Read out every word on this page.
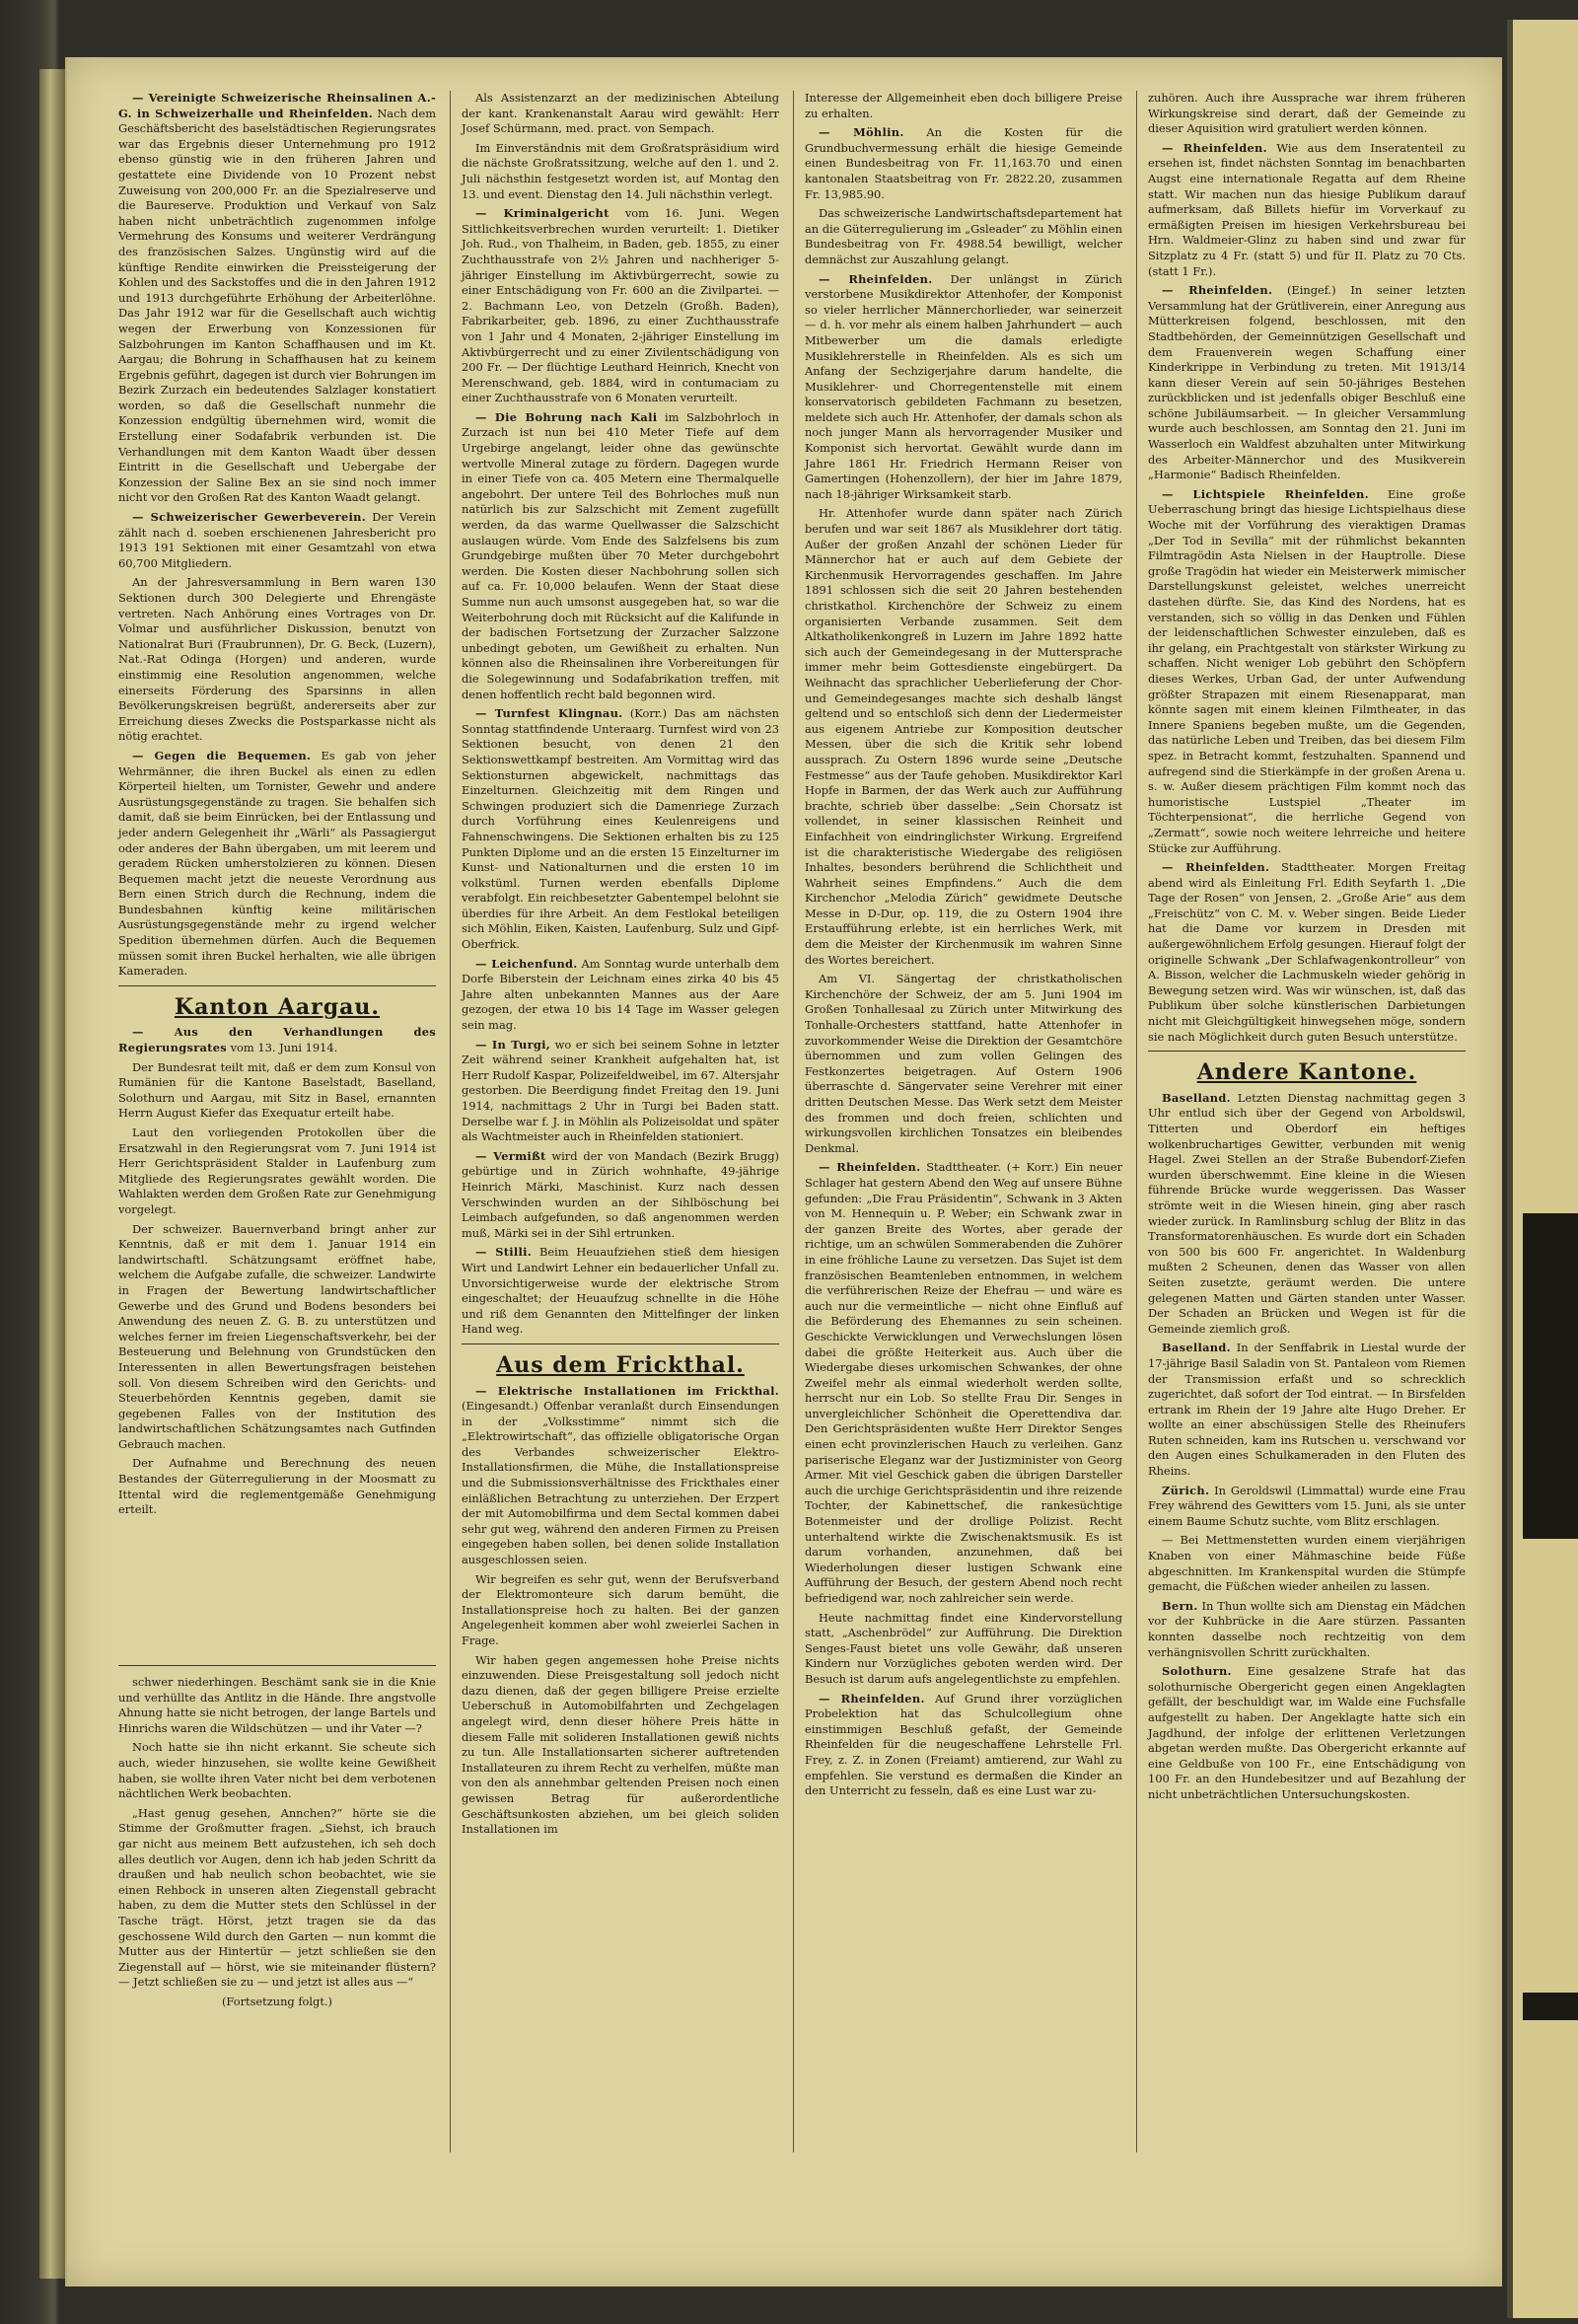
— Vereinigte Schweizerische Rheinsalinen A.-G. in Schweizerhalle und Rheinfelden. Nach dem Geschäftsbericht des baselstädtischen Regierungsrates war das Ergebnis dieser Unternehmung pro 1912 ebenso günstig wie in den früheren Jahren und gestattete eine Dividende von 10 Prozent nebst Zuweisung von 200,000 Fr. an die Spezialreserve und die Baureserve. Produktion und Verkauf von Salz haben nicht unbeträchtlich zugenommen infolge Vermehrung des Konsums und weiterer Verdrängung des französischen Salzes. Ungünstig wird auf die künftige Rendite einwirken die Preissteigerung der Kohlen und des Sackstoffes und die in den Jahren 1912 und 1913 durchgeführte Erhöhung der Arbeiterlöhne. Das Jahr 1912 war für die Gesellschaft auch wichtig wegen der Erwerbung von Konzessionen für Salzbohrungen im Kanton Schaffhausen und im Kt. Aargau; die Bohrung in Schaffhausen hat zu keinem Ergebnis geführt, dagegen ist durch vier Bohrungen im Bezirk Zurzach ein bedeutendes Salzlager konstatiert worden, so daß die Gesellschaft nunmehr die Konzession endgültig übernehmen wird, womit die Erstellung einer Sodafabrik verbunden ist. Die Verhandlungen mit dem Kanton Waadt über dessen Eintritt in die Gesellschaft und Uebergabe der Konzession der Saline Bex an sie sind noch immer nicht vor den Großen Rat des Kanton Waadt gelangt.

— Schweizerischer Gewerbeverein. Der Verein zählt nach d. soeben erschienenen Jahresbericht pro 1913 191 Sektionen mit einer Gesamtzahl von etwa 60,700 Mitgliedern.

An der Jahresversammlung in Bern waren 130 Sektionen durch 300 Delegierte und Ehrengäste vertreten. Nach Anhörung eines Vortrages von Dr. Volmar und ausführlicher Diskussion, benutzt von Nationalrat Buri (Fraubrunnen), Dr. G. Beck, (Luzern), Nat.-Rat Odinga (Horgen) und anderen, wurde einstimmig eine Resolution angenommen, welche einerseits Förderung des Sparsinns in allen Bevölkerungskreisen begrüßt, andererseits aber zur Erreichung dieses Zwecks die Postsparkasse nicht als nötig erachtet.

— Gegen die Bequemen. Es gab von jeher Wehrmänner, die ihren Buckel als einen zu edlen Körperteil hielten, um Tornister, Gewehr und andere Ausrüstungsgegenstände zu tragen. Sie behalfen sich damit, daß sie beim Einrücken, bei der Entlassung und jeder andern Gelegenheit ihr „Wärli“ als Passagiergut oder anderes der Bahn übergaben, um mit leerem und geradem Rücken umherstolzieren zu können. Diesen Bequemen macht jetzt die neueste Verordnung aus Bern einen Strich durch die Rechnung, indem die Bundesbahnen künftig keine militärischen Ausrüstungsgegenstände mehr zu irgend welcher Spedition übernehmen dürfen. Auch die Bequemen müssen somit ihren Buckel herhalten, wie alle übrigen Kameraden.

Kanton Aargau.

— Aus den Verhandlungen des Regierungsrates vom 13. Juni 1914.

Der Bundesrat teilt mit, daß er dem zum Konsul von Rumänien für die Kantone Baselstadt, Baselland, Solothurn und Aargau, mit Sitz in Basel, ernannten Herrn August Kiefer das Exequatur erteilt habe.

Laut den vorliegenden Protokollen über die Ersatzwahl in den Regierungsrat vom 7. Juni 1914 ist Herr Gerichtspräsident Stalder in Laufenburg zum Mitgliede des Regierungsrates gewählt worden. Die Wahlakten werden dem Großen Rate zur Genehmigung vorgelegt.

Der schweizer. Bauernverband bringt anher zur Kenntnis, daß er mit dem 1. Januar 1914 ein landwirtschaftl. Schätzungsamt eröffnet habe, welchem die Aufgabe zufalle, die schweizer. Landwirte in Fragen der Bewertung landwirtschaftlicher Gewerbe und des Grund und Bodens besonders bei Anwendung des neuen Z. G. B. zu unterstützen und welches ferner im freien Liegenschaftsverkehr, bei der Besteuerung und Belehnung von Grundstücken den Interessenten in allen Bewertungsfragen beistehen soll. Von diesem Schreiben wird den Gerichts- und Steuerbehörden Kenntnis gegeben, damit sie gegebenen Falles von der Institution des landwirtschaftlichen Schätzungsamtes nach Gutfinden Gebrauch machen.

Der Aufnahme und Berechnung des neuen Bestandes der Güterregulierung in der Moosmatt zu Ittental wird die reglementgemäße Genehmigung erteilt.

schwer niederhingen. Beschämt sank sie in die Knie und verhüllte das Antlitz in die Hände. Ihre angstvolle Ahnung hatte sie nicht betrogen, der lange Bartels und Hinrichs waren die Wildschützen — und ihr Vater —?

Noch hatte sie ihn nicht erkannt. Sie scheute sich auch, wieder hinzusehen, sie wollte keine Gewißheit haben, sie wollte ihren Vater nicht bei dem verbotenen nächtlichen Werk beobachten.

„Hast genug gesehen, Annchen?“ hörte sie die Stimme der Großmutter fragen. „Siehst, ich brauch gar nicht aus meinem Bett aufzustehen, ich seh doch alles deutlich vor Augen, denn ich hab jeden Schritt da draußen und hab neulich schon beobachtet, wie sie einen Rehbock in unseren alten Ziegenstall gebracht haben, zu dem die Mutter stets den Schlüssel in der Tasche trägt. Hörst, jetzt tragen sie da das geschossene Wild durch den Garten — nun kommt die Mutter aus der Hintertür — jetzt schließen sie den Ziegenstall auf — hörst, wie sie miteinander flüstern? — Jetzt schließen sie zu — und jetzt ist alles aus —“

(Fortsetzung folgt.)

Als Assistenzarzt an der medizinischen Abteilung der kant. Krankenanstalt Aarau wird gewählt: Herr Josef Schürmann, med. pract. von Sempach.

Im Einverständnis mit dem Großratspräsidium wird die nächste Großratssitzung, welche auf den 1. und 2. Juli nächsthin festgesetzt worden ist, auf Montag den 13. und event. Dienstag den 14. Juli nächsthin verlegt.

— Kriminalgericht vom 16. Juni. Wegen Sittlichkeitsverbrechen wurden verurteilt: 1. Dietiker Joh. Rud., von Thalheim, in Baden, geb. 1855, zu einer Zuchthausstrafe von 2½ Jahren und nachheriger 5-jähriger Einstellung im Aktivbürgerrecht, sowie zu einer Entschädigung von Fr. 600 an die Zivilpartei. — 2. Bachmann Leo, von Detzeln (Großh. Baden), Fabrikarbeiter, geb. 1896, zu einer Zuchthausstrafe von 1 Jahr und 4 Monaten, 2-jähriger Einstellung im Aktivbürgerrecht und zu einer Zivilentschädigung von 200 Fr. — Der flüchtige Leuthard Heinrich, Knecht von Merenschwand, geb. 1884, wird in contumaciam zu einer Zuchthausstrafe von 6 Monaten verurteilt.

— Die Bohrung nach Kali im Salzbohrloch in Zurzach ist nun bei 410 Meter Tiefe auf dem Urgebirge angelangt, leider ohne das gewünschte wertvolle Mineral zutage zu fördern. Dagegen wurde in einer Tiefe von ca. 405 Metern eine Thermalquelle angebohrt. Der untere Teil des Bohrloches muß nun natürlich bis zur Salzschicht mit Zement zugefüllt werden, da das warme Quellwasser die Salzschicht auslaugen würde. Vom Ende des Salzfelsens bis zum Grundgebirge mußten über 70 Meter durchgebohrt werden. Die Kosten dieser Nachbohrung sollen sich auf ca. Fr. 10,000 belaufen. Wenn der Staat diese Summe nun auch umsonst ausgegeben hat, so war die Weiterbohrung doch mit Rücksicht auf die Kalifunde in der badischen Fortsetzung der Zurzacher Salzzone unbedingt geboten, um Gewißheit zu erhalten. Nun können also die Rheinsalinen ihre Vorbereitungen für die Solegewinnung und Sodafabrikation treffen, mit denen hoffentlich recht bald begonnen wird.

— Turnfest Klingnau. (Korr.) Das am nächsten Sonntag stattfindende Unteraarg. Turnfest wird von 23 Sektionen besucht, von denen 21 den Sektionswettkampf bestreiten. Am Vormittag wird das Sektionsturnen abgewickelt, nachmittags das Einzelturnen. Gleichzeitig mit dem Ringen und Schwingen produziert sich die Damenriege Zurzach durch Vorführung eines Keulenreigens und Fahnenschwingens. Die Sektionen erhalten bis zu 125 Punkten Diplome und an die ersten 15 Einzelturner im Kunst- und Nationalturnen und die ersten 10 im volkstüml. Turnen werden ebenfalls Diplome verabfolgt. Ein reichbesetzter Gabentempel belohnt sie überdies für ihre Arbeit. An dem Festlokal beteiligen sich Möhlin, Eiken, Kaisten, Laufenburg, Sulz und Gipf-Oberfrick.

— Leichenfund. Am Sonntag wurde unterhalb dem Dorfe Biberstein der Leichnam eines zirka 40 bis 45 Jahre alten unbekannten Mannes aus der Aare gezogen, der etwa 10 bis 14 Tage im Wasser gelegen sein mag.

— In Turgi, wo er sich bei seinem Sohne in letzter Zeit während seiner Krankheit aufgehalten hat, ist Herr Rudolf Kaspar, Polizeifeldweibel, im 67. Altersjahr gestorben. Die Beerdigung findet Freitag den 19. Juni 1914, nachmittags 2 Uhr in Turgi bei Baden statt. Derselbe war f. J. in Möhlin als Polizeisoldat und später als Wachtmeister auch in Rheinfelden stationiert.

— Vermißt wird der von Mandach (Bezirk Brugg) gebürtige und in Zürich wohnhafte, 49-jährige Heinrich Märki, Maschinist. Kurz nach dessen Verschwinden wurden an der Sihlböschung bei Leimbach aufgefunden, so daß angenommen werden muß, Märki sei in der Sihl ertrunken.

— Stilli. Beim Heuaufziehen stieß dem hiesigen Wirt und Landwirt Lehner ein bedauerlicher Unfall zu. Unvorsichtigerweise wurde der elektrische Strom eingeschaltet; der Heuaufzug schnellte in die Höhe und riß dem Genannten den Mittelfinger der linken Hand weg.

Aus dem Frickthal.

— Elektrische Installationen im Frickthal. (Eingesandt.) Offenbar veranlaßt durch Einsendungen in der „Volksstimme“ nimmt sich die „Elektrowirtschaft“, das offizielle obligatorische Organ des Verbandes schweizerischer Elektro-Installationsfirmen, die Mühe, die Installationspreise und die Submissionsverhältnisse des Frickthales einer einläßlichen Betrachtung zu unterziehen. Der Erzpert der mit Automobilfirma und dem Sectal kommen dabei sehr gut weg, während den anderen Firmen zu Preisen eingegeben haben sollen, bei denen solide Installation ausgeschlossen seien.

Wir begreifen es sehr gut, wenn der Berufsverband der Elektromonteure sich darum bemüht, die Installationspreise hoch zu halten. Bei der ganzen Angelegenheit kommen aber wohl zweierlei Sachen in Frage.

Wir haben gegen angemessen hohe Preise nichts einzuwenden. Diese Preisgestaltung soll jedoch nicht dazu dienen, daß der gegen billigere Preise erzielte Ueberschuß in Automobilfahrten und Zechgelagen angelegt wird, denn dieser höhere Preis hätte in diesem Falle mit solideren Installationen gewiß nichts zu tun. Alle Installationsarten sicherer auftretenden Installateuren zu ihrem Recht zu verhelfen, müßte man von den als annehmbar geltenden Preisen noch einen gewissen Betrag für außerordentliche Geschäftsunkosten abziehen, um bei gleich soliden Installationen im

Interesse der Allgemeinheit eben doch billigere Preise zu erhalten.

— Möhlin. An die Kosten für die Grundbuchvermessung erhält die hiesige Gemeinde einen Bundesbeitrag von Fr. 11,163.70 und einen kantonalen Staatsbeitrag von Fr. 2822.20, zusammen Fr. 13,985.90.

Das schweizerische Landwirtschaftsdepartement hat an die Güterregulierung im „Gsleader“ zu Möhlin einen Bundesbeitrag von Fr. 4988.54 bewilligt, welcher demnächst zur Auszahlung gelangt.

— Rheinfelden. Der unlängst in Zürich verstorbene Musikdirektor Attenhofer, der Komponist so vieler herrlicher Männerchorlieder, war seinerzeit — d. h. vor mehr als einem halben Jahrhundert — auch Mitbewerber um die damals erledigte Musiklehrerstelle in Rheinfelden. Als es sich um Anfang der Sechzigerjahre darum handelte, die Musiklehrer- und Chorregentenstelle mit einem konservatorisch gebildeten Fachmann zu besetzen, meldete sich auch Hr. Attenhofer, der damals schon als noch junger Mann als hervorragender Musiker und Komponist sich hervortat. Gewählt wurde dann im Jahre 1861 Hr. Friedrich Hermann Reiser von Gamertingen (Hohenzollern), der hier im Jahre 1879, nach 18-jähriger Wirksamkeit starb.

Hr. Attenhofer wurde dann später nach Zürich berufen und war seit 1867 als Musiklehrer dort tätig. Außer der großen Anzahl der schönen Lieder für Männerchor hat er auch auf dem Gebiete der Kirchenmusik Hervorragendes geschaffen. Im Jahre 1891 schlossen sich die seit 20 Jahren bestehenden christkathol. Kirchenchöre der Schweiz zu einem organisierten Verbande zusammen. Seit dem Altkatholikenkongreß in Luzern im Jahre 1892 hatte sich auch der Gemeindegesang in der Muttersprache immer mehr beim Gottesdienste eingebürgert. Da Weihnacht das sprachlicher Ueberlieferung der Chor- und Gemeindegesanges machte sich deshalb längst geltend und so entschloß sich denn der Liedermeister aus eigenem Antriebe zur Komposition deutscher Messen, über die sich die Kritik sehr lobend aussprach. Zu Ostern 1896 wurde seine „Deutsche Festmesse“ aus der Taufe gehoben. Musikdirektor Karl Hopfe in Barmen, der das Werk auch zur Aufführung brachte, schrieb über dasselbe: „Sein Chorsatz ist vollendet, in seiner klassischen Reinheit und Einfachheit von eindringlichster Wirkung. Ergreifend ist die charakteristische Wiedergabe des religiösen Inhaltes, besonders berührend die Schlichtheit und Wahrheit seines Empfindens.“ Auch die dem Kirchenchor „Melodia Zürich“ gewidmete Deutsche Messe in D-Dur, op. 119, die zu Ostern 1904 ihre Erstaufführung erlebte, ist ein herrliches Werk, mit dem die Meister der Kirchenmusik im wahren Sinne des Wortes bereichert.

Am VI. Sängertag der christkatholischen Kirchenchöre der Schweiz, der am 5. Juni 1904 im Großen Tonhallesaal zu Zürich unter Mitwirkung des Tonhalle-Orchesters stattfand, hatte Attenhofer in zuvorkommender Weise die Direktion der Gesamtchöre übernommen und zum vollen Gelingen des Festkonzertes beigetragen. Auf Ostern 1906 überraschte d. Sängervater seine Verehrer mit einer dritten Deutschen Messe. Das Werk setzt dem Meister des frommen und doch freien, schlichten und wirkungsvollen kirchlichen Tonsatzes ein bleibendes Denkmal.

— Rheinfelden. Stadttheater. (+ Korr.) Ein neuer Schlager hat gestern Abend den Weg auf unsere Bühne gefunden: „Die Frau Präsidentin“, Schwank in 3 Akten von M. Hennequin u. P. Weber; ein Schwank zwar in der ganzen Breite des Wortes, aber gerade der richtige, um an schwülen Sommerabenden die Zuhörer in eine fröhliche Laune zu versetzen. Das Sujet ist dem französischen Beamtenleben entnommen, in welchem die verführerischen Reize der Ehefrau — und wäre es auch nur die vermeintliche — nicht ohne Einfluß auf die Beförderung des Ehemannes zu sein scheinen. Geschickte Verwicklungen und Verwechslungen lösen dabei die größte Heiterkeit aus. Auch über die Wiedergabe dieses urkomischen Schwankes, der ohne Zweifel mehr als einmal wiederholt werden sollte, herrscht nur ein Lob. So stellte Frau Dir. Senges in unvergleichlicher Schönheit die Operettendiva dar. Den Gerichtspräsidenten wußte Herr Direktor Senges einen echt provinzlerischen Hauch zu verleihen. Ganz pariserische Eleganz war der Justizminister von Georg Armer. Mit viel Geschick gaben die übrigen Darsteller auch die urchige Gerichtspräsidentin und ihre reizende Tochter, der Kabinettschef, die rankesüchtige Botenmeister und der drollige Polizist. Recht unterhaltend wirkte die Zwischenaktsmusik. Es ist darum vorhanden, anzunehmen, daß bei Wiederholungen dieser lustigen Schwank eine Aufführung der Besuch, der gestern Abend noch recht befriedigend war, noch zahlreicher sein werde.

Heute nachmittag findet eine Kindervorstellung statt, „Aschenbrödel“ zur Aufführung. Die Direktion Senges-Faust bietet uns volle Gewähr, daß unseren Kindern nur Vorzügliches geboten werden wird. Der Besuch ist darum aufs angelegentlichste zu empfehlen.

— Rheinfelden. Auf Grund ihrer vorzüglichen Probelektion hat das Schulcollegium ohne einstimmigen Beschluß gefaßt, der Gemeinde Rheinfelden für die neugeschaffene Lehrstelle Frl. Frey, z. Z. in Zonen (Freiamt) amtierend, zur Wahl zu empfehlen. Sie verstund es dermaßen die Kinder an den Unterricht zu fesseln, daß es eine Lust war zu-

zuhören. Auch ihre Aussprache war ihrem früheren Wirkungskreise sind derart, daß der Gemeinde zu dieser Aquisition wird gratuliert werden können.

— Rheinfelden. Wie aus dem Inseratenteil zu ersehen ist, findet nächsten Sonntag im benachbarten Augst eine internationale Regatta auf dem Rheine statt. Wir machen nun das hiesige Publikum darauf aufmerksam, daß Billets hiefür im Vorverkauf zu ermäßigten Preisen im hiesigen Verkehrsbureau bei Hrn. Waldmeier-Glinz zu haben sind und zwar für Sitzplatz zu 4 Fr. (statt 5) und für II. Platz zu 70 Cts. (statt 1 Fr.).

— Rheinfelden. (Eingef.) In seiner letzten Versammlung hat der Grütliverein, einer Anregung aus Mütterkreisen folgend, beschlossen, mit den Stadtbehörden, der Gemeinnützigen Gesellschaft und dem Frauenverein wegen Schaffung einer Kinderkrippe in Verbindung zu treten. Mit 1913/14 kann dieser Verein auf sein 50-jähriges Bestehen zurückblicken und ist jedenfalls obiger Beschluß eine schöne Jubiläumsarbeit. — In gleicher Versammlung wurde auch beschlossen, am Sonntag den 21. Juni im Wasserloch ein Waldfest abzuhalten unter Mitwirkung des Arbeiter-Männerchor und des Musikverein „Harmonie“ Badisch Rheinfelden.

— Lichtspiele Rheinfelden. Eine große Ueberraschung bringt das hiesige Lichtspielhaus diese Woche mit der Vorführung des vieraktigen Dramas „Der Tod in Sevilla“ mit der rühmlichst bekannten Filmtragödin Asta Nielsen in der Hauptrolle. Diese große Tragödin hat wieder ein Meisterwerk mimischer Darstellungskunst geleistet, welches unerreicht dastehen dürfte. Sie, das Kind des Nordens, hat es verstanden, sich so völlig in das Denken und Fühlen der leidenschaftlichen Schwester einzuleben, daß es ihr gelang, ein Prachtgestalt von stärkster Wirkung zu schaffen. Nicht weniger Lob gebührt den Schöpfern dieses Werkes, Urban Gad, der unter Aufwendung größter Strapazen mit einem Riesenapparat, man könnte sagen mit einem kleinen Filmtheater, in das Innere Spaniens begeben mußte, um die Gegenden, das natürliche Leben und Treiben, das bei diesem Film spez. in Betracht kommt, festzuhalten. Spannend und aufregend sind die Stierkämpfe in der großen Arena u. s. w. Außer diesem prächtigen Film kommt noch das humoristische Lustspiel „Theater im Töchterpensionat“, die herrliche Gegend von „Zermatt“, sowie noch weitere lehrreiche und heitere Stücke zur Aufführung.

— Rheinfelden. Stadttheater. Morgen Freitag abend wird als Einleitung Frl. Edith Seyfarth 1. „Die Tage der Rosen“ von Jensen, 2. „Große Arie“ aus dem „Freischütz“ von C. M. v. Weber singen. Beide Lieder hat die Dame vor kurzem in Dresden mit außergewöhnlichem Erfolg gesungen. Hierauf folgt der originelle Schwank „Der Schlafwagenkontrolleur“ von A. Bisson, welcher die Lachmuskeln wieder gehörig in Bewegung setzen wird. Was wir wünschen, ist, daß das Publikum über solche künstlerischen Darbietungen nicht mit Gleichgültigkeit hinwegsehen möge, sondern sie nach Möglichkeit durch guten Besuch unterstütze.

Andere Kantone.

Baselland. Letzten Dienstag nachmittag gegen 3 Uhr entlud sich über der Gegend von Arboldswil, Titterten und Oberdorf ein heftiges wolkenbruchartiges Gewitter, verbunden mit wenig Hagel. Zwei Stellen an der Straße Bubendorf-Ziefen wurden überschwemmt. Eine kleine in die Wiesen führende Brücke wurde weggerissen. Das Wasser strömte weit in die Wiesen hinein, ging aber rasch wieder zurück. In Ramlinsburg schlug der Blitz in das Transformatorenhäuschen. Es wurde dort ein Schaden von 500 bis 600 Fr. angerichtet. In Waldenburg mußten 2 Scheunen, denen das Wasser von allen Seiten zusetzte, geräumt werden. Die untere gelegenen Matten und Gärten standen unter Wasser. Der Schaden an Brücken und Wegen ist für die Gemeinde ziemlich groß.

Baselland. In der Senffabrik in Liestal wurde der 17-jährige Basil Saladin von St. Pantaleon vom Riemen der Transmission erfaßt und so schrecklich zugerichtet, daß sofort der Tod eintrat. — In Birsfelden ertrank im Rhein der 19 Jahre alte Hugo Dreher. Er wollte an einer abschüssigen Stelle des Rheinufers Ruten schneiden, kam ins Rutschen u. verschwand vor den Augen eines Schulkameraden in den Fluten des Rheins.

Zürich. In Geroldswil (Limmattal) wurde eine Frau Frey während des Gewitters vom 15. Juni, als sie unter einem Baume Schutz suchte, vom Blitz erschlagen.

— Bei Mettmenstetten wurden einem vierjährigen Knaben von einer Mähmaschine beide Füße abgeschnitten. Im Krankenspital wurden die Stümpfe gemacht, die Füßchen wieder anheilen zu lassen.

Bern. In Thun wollte sich am Dienstag ein Mädchen vor der Kuhbrücke in die Aare stürzen. Passanten konnten dasselbe noch rechtzeitig von dem verhängnisvollen Schritt zurückhalten.

Solothurn. Eine gesalzene Strafe hat das solothurnische Obergericht gegen einen Angeklagten gefällt, der beschuldigt war, im Walde eine Fuchsfalle aufgestellt zu haben. Der Angeklagte hatte sich ein Jagdhund, der infolge der erlittenen Verletzungen abgetan werden mußte. Das Obergericht erkannte auf eine Geldbuße von 100 Fr., eine Entschädigung von 100 Fr. an den Hundebesitzer und auf Bezahlung der nicht unbeträchtlichen Untersuchungskosten.
